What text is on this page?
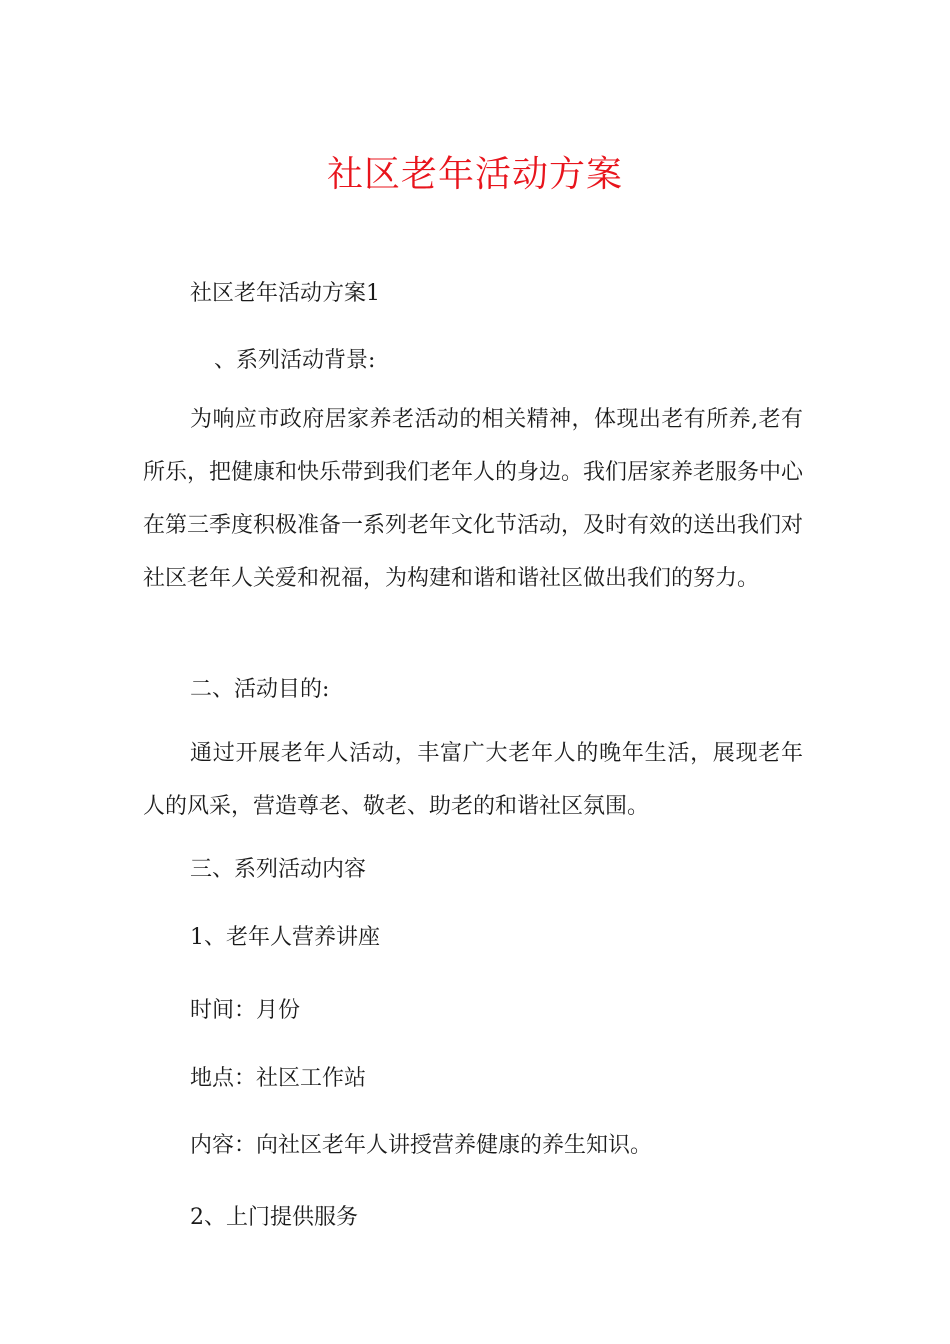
社区老年活动方案
社区老年活动方案1
、系列活动背景:
为响应市政府居家养老活动的相关精神，体现出老有所养,老有所乐，把健康和快乐带到我们老年人的身边。我们居家养老服务中心在第三季度积极准备一系列老年文化节活动，及时有效的送出我们对社区老年人关爱和祝福，为构建和谐和谐社区做出我们的努力。
二、活动目的:
通过开展老年人活动，丰富广大老年人的晚年生活，展现老年人的风采，营造尊老、敬老、助老的和谐社区氛围。
三、系列活动内容
1、老年人营养讲座
时间：月份
地点：社区工作站
内容：向社区老年人讲授营养健康的养生知识。
2、上门提供服务
